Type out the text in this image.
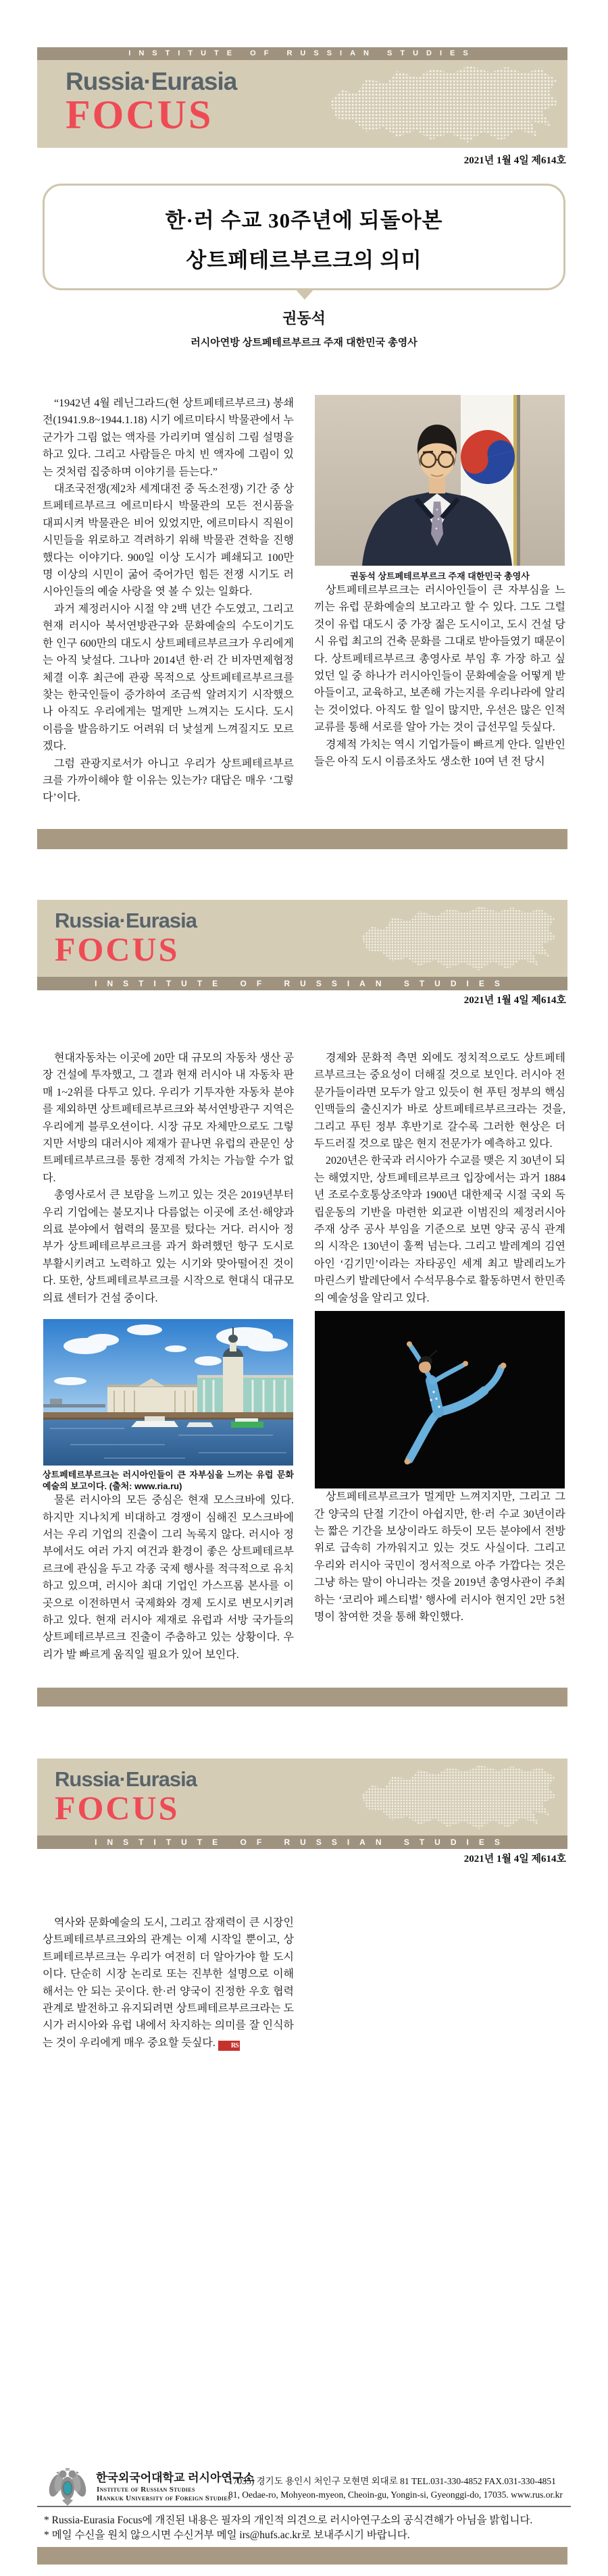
INSTITUTE OF RUSSIAN STUDIES
Russia·Eurasia
FOCUS
2021년 1월 4일 제614호
한·러 수교 30주년에 되돌아본
상트페테르부르크의 의미
권동석
러시아연방 상트페테르부르크 주재 대한민국 총영사

“1942년 4월 레닌그라드(현 상트페테르부르크) 봉쇄전(1941.9.8~1944.1.18) 시기 에르미타시 박물관에서 누군가가 그림 없는 액자를 가리키며 열심히 그림 설명을 하고 있다. 그리고 사람들은 마치 빈 액자에 그림이 있는 것처럼 집중하며 이야기를 듣는다.”

대조국전쟁(제2차 세계대전 중 독소전쟁) 기간 중 상트페테르부르크 에르미타시 박물관의 모든 전시품을 대피시켜 박물관은 비어 있었지만, 에르미타시 직원이 시민들을 위로하고 격려하기 위해 박물관 견학을 진행했다는 이야기다. 900일 이상 도시가 폐쇄되고 100만 명 이상의 시민이 굶어 죽어가던 힘든 전쟁 시기도 러시아인들의 예술 사랑을 엿 볼 수 있는 일화다.

과거 제정러시아 시절 약 2백 년간 수도였고, 그리고 현재 러시아 북서연방관구와 문화예술의 수도이기도 한 인구 600만의 대도시 상트페테르부르크가 우리에게는 아직 낯설다. 그나마 2014년 한·러 간 비자면제협정 체결 이후 최근에 관광 목적으로 상트페테르부르크를 찾는 한국인들이 증가하여 조금씩 알려지기 시작했으나 아직도 우리에게는 멀게만 느껴지는 도시다. 도시 이름을 발음하기도 어려워 더 낯설게 느껴질지도 모르겠다.

그럼 관광지로서가 아니고 우리가 상트페테르부르크를 가까이해야 할 이유는 있는가? 대답은 매우 ‘그렇다’이다.

권동석 상트페테르부르크 주재 대한민국 총영사

상트페테르부르크는 러시아인들이 큰 자부심을 느끼는 유럽 문화예술의 보고라고 할 수 있다. 그도 그럴 것이 유럽 대도시 중 가장 젊은 도시이고, 도시 건설 당시 유럽 최고의 건축 문화를 그대로 받아들였기 때문이다. 상트페테르부르크 총영사로 부임 후 가장 하고 싶었던 일 중 하나가 러시아인들이 문화예술을 어떻게 받아들이고, 교육하고, 보존해 가는지를 우리나라에 알리는 것이었다. 아직도 할 일이 많지만, 우선은 많은 인적 교류를 통해 서로를 알아 가는 것이 급선무일 듯싶다.

경제적 가치는 역시 기업가들이 빠르게 안다. 일반인들은 아직 도시 이름조차도 생소한 10여 년 전 당시

Russia·Eurasia
FOCUS
INSTITUTE OF RUSSIAN STUDIES
2021년 1월 4일 제614호

현대자동차는 이곳에 20만 대 규모의 자동차 생산 공장 건설에 투자했고, 그 결과 현재 러시아 내 자동차 판매 1~2위를 다투고 있다. 우리가 기투자한 자동차 분야를 제외하면 상트페테르부르크와 북서연방관구 지역은 우리에게 블루오션이다. 시장 규모 자체만으로도 그렇지만 서방의 대러시아 제재가 끝나면 유럽의 관문인 상트페테르부르크를 통한 경제적 가치는 가늠할 수가 없다.

총영사로서 큰 보람을 느끼고 있는 것은 2019년부터 우리 기업에는 불모지나 다름없는 이곳에 조선·해양과 의료 분야에서 협력의 물꼬를 텄다는 거다. 러시아 정부가 상트페테르부르크를 과거 화려했던 항구 도시로 부활시키려고 노력하고 있는 시기와 맞아떨어진 것이다. 또한, 상트페테르부르크를 시작으로 현대식 대규모 의료 센터가 건설 중이다.

상트페테르부르크는 러시아인들이 큰 자부심을 느끼는 유럽 문화예술의 보고이다. (출처: www.ria.ru)

물론 러시아의 모든 중심은 현재 모스크바에 있다. 하지만 지나치게 비대하고 경쟁이 심해진 모스크바에서는 우리 기업의 진출이 그리 녹록지 않다. 러시아 정부에서도 여러 가지 여건과 환경이 좋은 상트페테르부르크에 관심을 두고 각종 국제 행사를 적극적으로 유치하고 있으며, 러시아 최대 기업인 가스프롬 본사를 이곳으로 이전하면서 국제화와 경제 도시로 변모시키려 하고 있다. 현재 러시아 제재로 유럽과 서방 국가들의 상트페테르부르크 진출이 주춤하고 있는 상황이다. 우리가 발 빠르게 움직일 필요가 있어 보인다.

경제와 문화적 측면 외에도 정치적으로도 상트페테르부르크는 중요성이 더해질 것으로 보인다. 러시아 전문가들이라면 모두가 알고 있듯이 현 푸틴 정부의 핵심 인맥들의 출신지가 바로 상트페테르부르크라는 것을, 그리고 푸틴 정부 후반기로 갈수록 그러한 현상은 더 두드러질 것으로 많은 현지 전문가가 예측하고 있다.

2020년은 한국과 러시아가 수교를 맺은 지 30년이 되는 해였지만, 상트페테르부르크 입장에서는 과거 1884년 조로수호통상조약과 1900년 대한제국 시절 국외 독립운동의 기반을 마련한 외교관 이범진의 제정러시아 주재 상주 공사 부임을 기준으로 보면 양국 공식 관계의 시작은 130년이 훌쩍 넘는다. 그리고 발레계의 김연아인 ‘김기민’이라는 자타공인 세계 최고 발레리노가 마린스키 발레단에서 수석무용수로 활동하면서 한민족의 예술성을 알리고 있다.

상트페테르부르크가 멀게만 느껴지지만, 그리고 그간 양국의 단절 기간이 아쉽지만, 한·러 수교 30년이라는 짧은 기간을 보상이라도 하듯이 모든 분야에서 전방위로 급속히 가까워지고 있는 것도 사실이다. 그리고 우리와 러시아 국민이 정서적으로 아주 가깝다는 것은 그냥 하는 말이 아니라는 것을 2019년 총영사관이 주최하는 ‘코리아 페스티벌’ 행사에 러시아 현지인 2만 5천 명이 참여한 것을 통해 확인했다.

Russia·Eurasia
FOCUS
INSTITUTE OF RUSSIAN STUDIES
2021년 1월 4일 제614호

역사와 문화예술의 도시, 그리고 잠재력이 큰 시장인 상트페테르부르크와의 관계는 이제 시작일 뿐이고, 상트페테르부르크는 우리가 여전히 더 알아가야 할 도시이다. 단순히 시장 논리로 또는 진부한 설명으로 이해해서는 안 되는 곳이다. 한·러 양국이 진정한 우호 협력 관계로 발전하고 유지되려면 상트페테르부르크라는 도시가 러시아와 유럽 내에서 차지하는 의미를 잘 인식하는 것이 우리에게 매우 중요할 듯싶다. RS

한국외국어대학교 러시아연구소
Institute of Russian Studies
Hankuk University of Foreign Studies
17035) 경기도 용인시 처인구 모현면 외대로 81 TEL.031-330-4852 FAX.031-330-4851
81, Oedae-ro, Mohyeon-myeon, Cheoin-gu, Yongin-si, Gyeonggi-do, 17035. www.rus.or.kr
* Russia-Eurasia Focus에 개진된 내용은 필자의 개인적 의견으로 러시아연구소의 공식견해가 아님을 밝힙니다.
* 메일 수신을 원치 않으시면 수신거부 메일 irs@hufs.ac.kr로 보내주시기 바랍니다.
